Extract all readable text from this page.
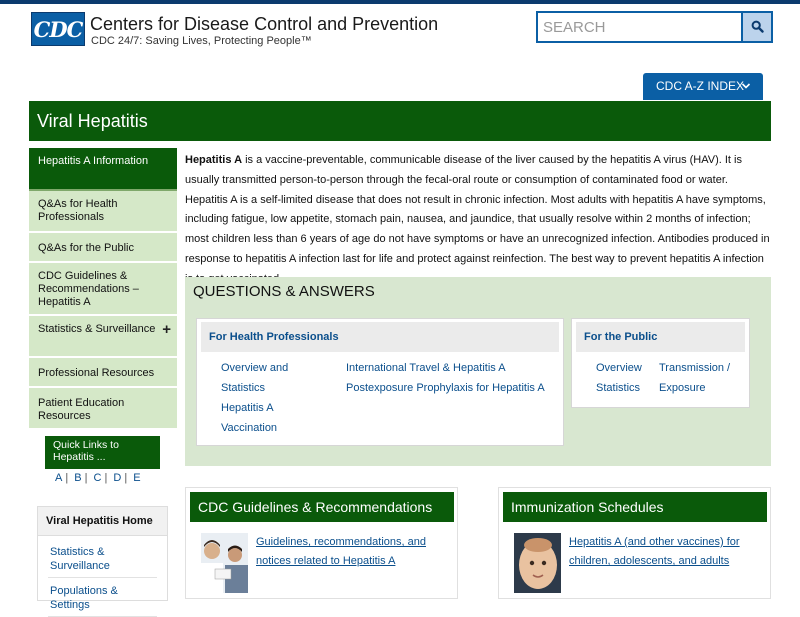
CDC Centers for Disease Control and Prevention
CDC 24/7: Saving Lives, Protecting People™
SEARCH
CDC A-Z INDEX
Viral Hepatitis
Hepatitis A Information
Q&As for Health Professionals
Q&As for the Public
CDC Guidelines & Recommendations – Hepatitis A
Statistics & Surveillance +
Professional Resources
Patient Education Resources
Quick Links to Hepatitis ...
A | B | C | D | E
Viral Hepatitis Home
Statistics & Surveillance
Populations & Settings
Hepatitis A is a vaccine-preventable, communicable disease of the liver caused by the hepatitis A virus (HAV). It is usually transmitted person-to-person through the fecal-oral route or consumption of contaminated food or water. Hepatitis A is a self-limited disease that does not result in chronic infection. Most adults with hepatitis A have symptoms, including fatigue, low appetite, stomach pain, nausea, and jaundice, that usually resolve within 2 months of infection; most children less than 6 years of age do not have symptoms or have an unrecognized infection. Antibodies produced in response to hepatitis A infection last for life and protect against reinfection. The best way to prevent hepatitis A infection
QUESTIONS & ANSWERS
For Health Professionals
Overview and Statistics
Hepatitis A Vaccination
International Travel & Hepatitis A
Postexposure Prophylaxis for Hepatitis A
For the Public
Overview Statistics
Transmission / Exposure
CDC Guidelines & Recommendations
Guidelines, recommendations, and notices related to Hepatitis A
Immunization Schedules
Hepatitis A (and other vaccines) for children, adolescents, and adults
